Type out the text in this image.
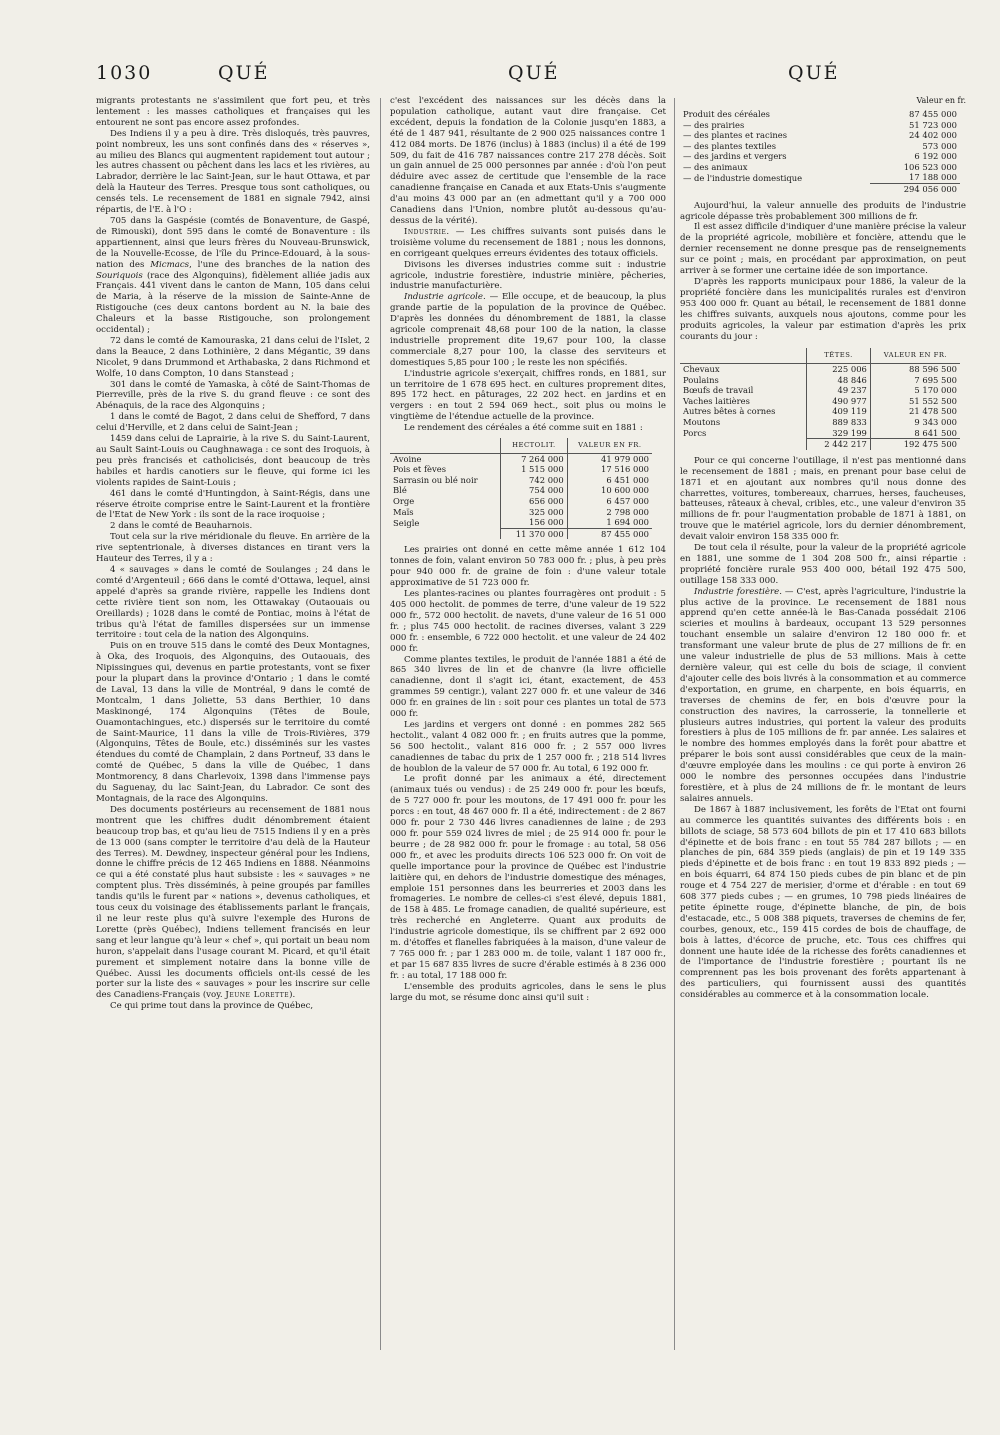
1030	QUÉ	QUÉ	QUÉ

migrants protestants ne s'assimilent que fort peu, et très lentement : les masses catholiques et françaises qui les entourent ne sont pas encore assez profondes.

Des Indiens il y a peu à dire. Très disloqués, très pauvres, point nombreux, les uns sont confinés dans des « réserves », au milieu des Blancs qui augmentent rapidement tout autour ; les autres chassent ou pêchent dans les lacs et les rivières, au Labrador, derrière le lac Saint-Jean, sur le haut Ottawa, et par delà la Hauteur des Terres. Presque tous sont catholiques, ou censés tels. Le recensement de 1881 en signale 7942, ainsi répartis, de l'E. à l'O :

705 dans la Gaspésie (comtés de Bonaventure, de Gaspé, de Rimouski), dont 595 dans le comté de Bonaventure : ils appartiennent, ainsi que leurs frères du Nouveau-Brunswick, de la Nouvelle-Ecosse, de l'île du Prince-Edouard, à la sous-nation des Micmacs, l'une des branches de la nation des Souriquois (race des Algonquins), fidèlement alliée jadis aux Français. 441 vivent dans le canton de Mann, 105 dans celui de Maria, à la réserve de la mission de Sainte-Anne de Ristigouche (ces deux cantons bordent au N. la baie des Chaleurs et la basse Ristigouche, son prolongement occidental) ;

72 dans le comté de Kamouraska, 21 dans celui de l'Islet, 2 dans la Beauce, 2 dans Lothinière, 2 dans Mégantic, 39 dans Nicolet, 9 dans Drummond et Arthabaska, 2 dans Richmond et Wolfe, 10 dans Compton, 10 dans Stanstead ;

301 dans le comté de Yamaska, à côté de Saint-Thomas de Pierreville, près de la rive S. du grand fleuve : ce sont des Abénaquis, de la race des Algonquins ;

1 dans le comté de Bagot, 2 dans celui de Shefford, 7 dans celui d'Herville, et 2 dans celui de Saint-Jean ;

1459 dans celui de Laprairie, à la rive S. du Saint-Laurent, au Sault Saint-Louis ou Caughnawaga : ce sont des Iroquois, à peu près francisés et catholicisés, dont beaucoup de très habiles et hardis canotiers sur le fleuve, qui forme ici les violents rapides de Saint-Louis ;

461 dans le comté d'Huntingdon, à Saint-Régis, dans une réserve étroite comprise entre le Saint-Laurent et la frontière de l'Etat de New York : ils sont de la race iroquoise ;

2 dans le comté de Beauharnois.

Tout cela sur la rive méridionale du fleuve. En arrière de la rive septentrionale, à diverses distances en tirant vers la Hauteur des Terres, il y a :

4 « sauvages » dans le comté de Soulanges ; 24 dans le comté d'Argenteuil ; 666 dans le comté d'Ottawa, lequel, ainsi appelé d'après sa grande rivière, rappelle les Indiens dont cette rivière tient son nom, les Ottawakay (Outaouais ou Oreillards) ; 1028 dans le comté de Pontiac, moins à l'état de tribus qu'à l'état de familles dispersées sur un immense territoire : tout cela de la nation des Algonquins.

Puis on en trouve 515 dans le comté des Deux Montagnes, à Oka, des Iroquois, des Algonquins, des Outaouais, des Nipissingues qui, devenus en partie protestants, vont se fixer pour la plupart dans la province d'Ontario ; 1 dans le comté de Laval, 13 dans la ville de Montréal, 9 dans le comté de Montcalm, 1 dans Joliette, 53 dans Berthier, 10 dans Maskinongé, 174 Algonquins (Têtes de Boule, Ouamontachingues, etc.) dispersés sur le territoire du comté de Saint-Maurice, 11 dans la ville de Trois-Rivières, 379 (Algonquins, Têtes de Boule, etc.) disséminés sur les vastes étendues du comté de Champlain, 2 dans Portneuf, 33 dans le comté de Québec, 5 dans la ville de Québec, 1 dans Montmorency, 8 dans Charlevoix, 1398 dans l'immense pays du Saguenay, du lac Saint-Jean, du Labrador. Ce sont des Montagnais, de la race des Algonquins.

Des documents postérieurs au recensement de 1881 nous montrent que les chiffres dudit dénombrement étaient beaucoup trop bas, et qu'au lieu de 7515 Indiens il y en a près de 13 000 (sans compter le territoire d'au delà de la Hauteur des Terres). M. Dewdney, inspecteur général pour les Indiens, donne le chiffre précis de 12 465 Indiens en 1888. Néanmoins ce qui a été constaté plus haut subsiste : les « sauvages » ne comptent plus. Très disséminés, à peine groupés par familles tandis qu'ils le furent par « nations », devenus catholiques, et tous ceux du voisinage des établissements parlant le français, il ne leur reste plus qu'à suivre l'exemple des Hurons de Lorette (près Québec), Indiens tellement francisés en leur sang et leur langue qu'à leur « chef », qui portait un beau nom huron, s'appelait dans l'usage courant M. Picard, et qu'il était purement et simplement notaire dans la bonne ville de Québec. Aussi les documents officiels ont-ils cessé de les porter sur la liste des « sauvages » pour les inscrire sur celle des Canadiens-Français (voy. Jeune Lorette).

Ce qui prime tout dans la province de Québec,

c'est l'excédent des naissances sur les décès dans la population catholique, autant vaut dire française. Cet excédent, depuis la fondation de la Colonie jusqu'en 1883, a été de 1 487 941, résultante de 2 900 025 naissances contre 1 412 084 morts. De 1876 (inclus) à 1883 (inclus) il a été de 199 509, du fait de 416 787 naissances contre 217 278 décès. Soit un gain annuel de 25 000 personnes par année : d'où l'on peut déduire avec assez de certitude que l'ensemble de la race canadienne française en Canada et aux Etats-Unis s'augmente d'au moins 43 000 par an (en admettant qu'il y a 700 000 Canadiens dans l'Union, nombre plutôt au-dessous qu'au-dessus de la vérité).

Industrie. — Les chiffres suivants sont puisés dans le troisième volume du recensement de 1881 ; nous les donnons, en corrigeant quelques erreurs évidentes des totaux officiels.

Divisons les diverses industries comme suit : industrie agricole, industrie forestière, industrie minière, pêcheries, industrie manufacturière.

Industrie agricole. — Elle occupe, et de beaucoup, la plus grande partie de la population de la province de Québec. D'après les données du dénombrement de 1881, la classe agricole comprenait 48,68 pour 100 de la nation, la classe industrielle proprement dite 19,67 pour 100, la classe commerciale 8,27 pour 100, la classe des serviteurs et domestiques 5,85 pour 100 ; le reste les non spécifiés.

L'industrie agricole s'exerçait, chiffres ronds, en 1881, sur un territoire de 1 678 695 hect. en cultures proprement dites, 895 172 hect. en pâturages, 22 202 hect. en jardins et en vergers : en tout 2 594 069 hect., soit plus ou moins le vingtième de l'étendue actuelle de la province.

Le rendement des céréales a été comme suit en 1881 :

	HECTOLIT.	VALEUR EN FR.
Avoine	7 264 000	41 979 000
Pois et fèves	1 515 000	17 516 000
Sarrasin ou blé noir	742 000	6 451 000
Blé	754 000	10 600 000
Orge	656 000	6 457 000
Maïs	325 000	2 798 000
Seigle	156 000	1 694 000
	11 370 000	87 455 000

Les prairies ont donné en cette même année 1 612 104 tonnes de foin, valant environ 50 783 000 fr. ; plus, à peu près pour 940 000 fr. de graine de foin : d'une valeur totale approximative de 51 723 000 fr.

Les plantes-racines ou plantes fourragères ont produit : 5 405 000 hectolit. de pommes de terre, d'une valeur de 19 522 000 fr., 572 000 hectolit. de navets, d'une valeur de 16 51 000 fr. ; plus 745 000 hectolit. de racines diverses, valant 3 229 000 fr. : ensemble, 6 722 000 hectolit. et une valeur de 24 402 000 fr.

Comme plantes textiles, le produit de l'année 1881 a été de 865 340 livres de lin et de chanvre (la livre officielle canadienne, dont il s'agit ici, étant, exactement, de 453 grammes 59 centigr.), valant 227 000 fr. et une valeur de 346 000 fr. en graines de lin : soit pour ces plantes un total de 573 000 fr.

Les jardins et vergers ont donné : en pommes 282 565 hectolit., valant 4 082 000 fr. ; en fruits autres que la pomme, 56 500 hectolit., valant 816 000 fr. ; 2 557 000 livres canadiennes de tabac du prix de 1 257 000 fr. ; 218 514 livres de houblon de la valeur de 57 000 fr. Au total, 6 192 000 fr.

Le profit donné par les animaux a été, directement (animaux tués ou vendus) : de 25 249 000 fr. pour les bœufs, de 5 727 000 fr. pour les moutons, de 17 491 000 fr. pour les porcs : en tout, 48 467 000 fr. Il a été, indirectement : de 2 867 000 fr. pour 2 730 446 livres canadiennes de laine ; de 293 000 fr. pour 559 024 livres de miel ; de 25 914 000 fr. pour le beurre ; de 28 982 000 fr. pour le fromage : au total, 58 056 000 fr., et avec les produits directs 106 523 000 fr. On voit de quelle importance pour la province de Québec est l'industrie laitière qui, en dehors de l'industrie domestique des ménages, emploie 151 personnes dans les beurreries et 2003 dans les fromageries. Le nombre de celles-ci s'est élevé, depuis 1881, de 158 à 485. Le fromage canadien, de qualité supérieure, est très recherché en Angleterre. Quant aux produits de l'industrie agricole domestique, ils se chiffrent par 2 692 000 m. d'étoffes et flanelles fabriquées à la maison, d'une valeur de 7 765 000 fr. ; par 1 283 000 m. de toile, valant 1 187 000 fr., et par 15 687 835 livres de sucre d'érable estimés à 8 236 000 fr. : au total, 17 188 000 fr.

L'ensemble des produits agricoles, dans le sens le plus large du mot, se résume donc ainsi qu'il suit :

Valeur en fr.
Produit des céréales	87 455 000
— des prairies	51 723 000
— des plantes et racines	24 402 000
— des plantes textiles	573 000
— des jardins et vergers	6 192 000
— des animaux	106 523 000
— de l'industrie domestique	17 188 000
	294 056 000

Aujourd'hui, la valeur annuelle des produits de l'industrie agricole dépasse très probablement 300 millions de fr.

Il est assez difficile d'indiquer d'une manière précise la valeur de la propriété agricole, mobilière et foncière, attendu que le dernier recensement ne donne presque pas de renseignements sur ce point ; mais, en procédant par approximation, on peut arriver à se former une certaine idée de son importance.

D'après les rapports municipaux pour 1886, la valeur de la propriété foncière dans les municipalités rurales est d'environ 953 400 000 fr. Quant au bétail, le recensement de 1881 donne les chiffres suivants, auxquels nous ajoutons, comme pour les produits agricoles, la valeur par estimation d'après les prix courants du jour :

	TÊTES.	VALEUR EN FR.
Chevaux	225 006	88 596 500
Poulains	48 846	7 695 500
Bœufs de travail	49 237	5 170 000
Vaches laitières	490 977	51 552 500
Autres bêtes à cornes	409 119	21 478 500
Moutons	889 833	9 343 000
Porcs	329 199	8 641 500
	2 442 217	192 475 500

Pour ce qui concerne l'outillage, il n'est pas mentionné dans le recensement de 1881 ; mais, en prenant pour base celui de 1871 et en ajoutant aux nombres qu'il nous donne des charrettes, voitures, tombereaux, charrues, herses, faucheuses, batteuses, râteaux à cheval, cribles, etc., une valeur d'environ 35 millions de fr. pour l'augmentation probable de 1871 à 1881, on trouve que le matériel agricole, lors du dernier dénombrement, devait valoir environ 158 335 000 fr.

De tout cela il résulte, pour la valeur de la propriété agricole en 1881, une somme de 1 304 208 500 fr., ainsi répartie : propriété foncière rurale 953 400 000, bétail 192 475 500, outillage 158 333 000.

Industrie forestière. — C'est, après l'agriculture, l'industrie la plus active de la province. Le recensement de 1881 nous apprend qu'en cette année-là le Bas-Canada possédait 2106 scieries et moulins à bardeaux, occupant 13 529 personnes touchant ensemble un salaire d'environ 12 180 000 fr. et transformant une valeur brute de plus de 27 millions de fr. en une valeur industrielle de plus de 53 millions. Mais à cette dernière valeur, qui est celle du bois de sciage, il convient d'ajouter celle des bois livrés à la consommation et au commerce d'exportation, en grume, en charpente, en bois équarris, en traverses de chemins de fer, en bois d'œuvre pour la construction des navires, la carrosserie, la tonnellerie et plusieurs autres industries, qui portent la valeur des produits forestiers à plus de 105 millions de fr. par année. Les salaires et le nombre des hommes employés dans la forêt pour abattre et préparer le bois sont aussi considérables que ceux de la main-d'œuvre employée dans les moulins : ce qui porte à environ 26 000 le nombre des personnes occupées dans l'industrie forestière, et à plus de 24 millions de fr. le montant de leurs salaires annuels.

De 1867 à 1887 inclusivement, les forêts de l'Etat ont fourni au commerce les quantités suivantes des différents bois : en billots de sciage, 58 573 604 billots de pin et 17 410 683 billots d'épinette et de bois franc : en tout 55 784 287 billots ; — en planches de pin, 684 359 pieds (anglais) de pin et 19 149 335 pieds d'épinette et de bois franc : en tout 19 833 892 pieds ; — en bois équarri, 64 874 150 pieds cubes de pin blanc et de pin rouge et 4 754 227 de merisier, d'orme et d'érable : en tout 69 608 377 pieds cubes ; — en grumes, 10 798 pieds linéaires de petite épinette rouge, d'épinette blanche, de pin, de bois d'estacade, etc., 5 008 388 piquets, traverses de chemins de fer, courbes, genoux, etc., 159 415 cordes de bois de chauffage, de bois à lattes, d'écorce de pruche, etc. Tous ces chiffres qui donnent une haute idée de la richesse des forêts canadiennes et de l'importance de l'industrie forestière ; pourtant ils ne comprennent pas les bois provenant des forêts appartenant à des particuliers, qui fournissent aussi des quantités considérables au commerce et à la consommation locale.
